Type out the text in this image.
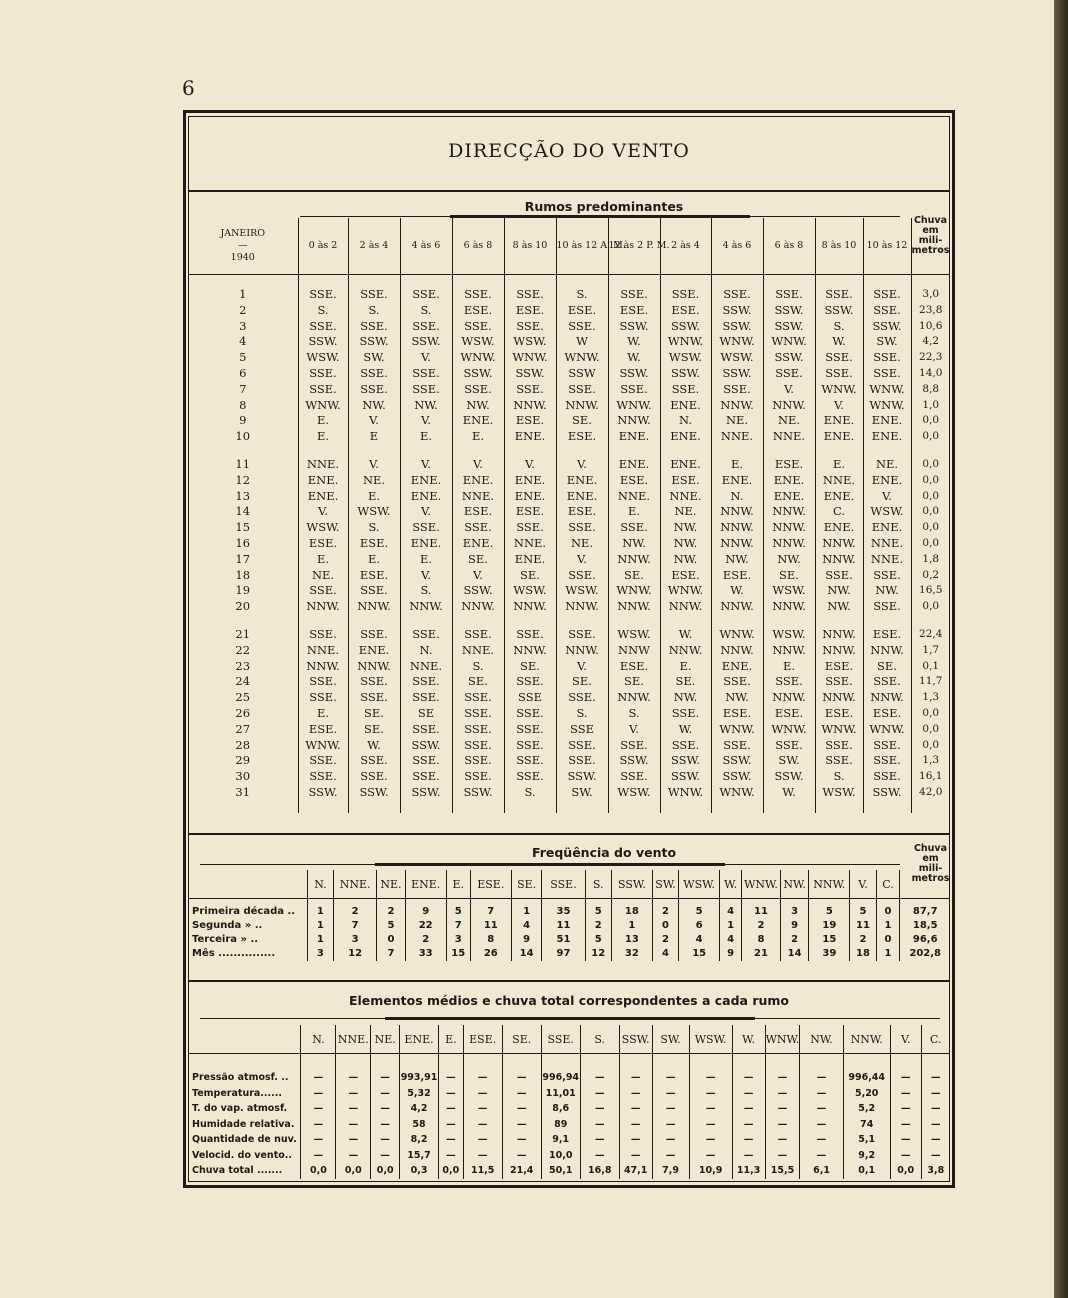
6
DIRECÇÃO DO VENTO
Rumos predominantes
Chuva
em
mili-
metros
JANEIRO
—
1940	0 às 2	2 às 4	4 às 6	6 às 8	8 às 10	10 às 12 A. M.	12 às 2 P. M.	2 às 4	4 às 6	6 às 8	8 às 10	10 às 12	

1	SSE.	SSE.	SSE.	SSE.	SSE.	S.	SSE.	SSE.	SSE.	SSE.	SSE.	SSE.	3,0
2	S.	S.	S.	ESE.	ESE.	ESE.	ESE.	ESE.	SSW.	SSW.	SSW.	SSE.	23,8
3	SSE.	SSE.	SSE.	SSE.	SSE.	SSE.	SSW.	SSW.	SSW.	SSW.	S.	SSW.	10,6
4	SSW.	SSW.	SSW.	WSW.	WSW.	W	W.	WNW.	WNW.	WNW.	W.	SW.	4,2
5	WSW.	SW.	V.	WNW.	WNW.	WNW.	W.	WSW.	WSW.	SSW.	SSE.	SSE.	22,3
6	SSE.	SSE.	SSE.	SSW.	SSW.	SSW	SSW.	SSW.	SSW.	SSE.	SSE.	SSE.	14,0
7	SSE.	SSE.	SSE.	SSE.	SSE.	SSE.	SSE.	SSE.	SSE.	V.	WNW.	WNW.	8,8
8	WNW.	NW.	NW.	NW.	NNW.	NNW.	WNW.	ENE.	NNW.	NNW.	V.	WNW.	1,0
9	E.	V.	V.	ENE.	ESE.	SE.	NNW.	N.	NE.	NE.	ENE.	ENE.	0,0
10	E.	E	E.	E.	ENE.	ESE.	ENE.	ENE.	NNE.	NNE.	ENE.	ENE.	0,0

11	NNE.	V.	V.	V.	V.	V.	ENE.	ENE.	E.	ESE.	E.	NE.	0,0
12	ENE.	NE.	ENE.	ENE.	ENE.	ENE.	ESE.	ESE.	ENE.	ENE.	NNE.	ENE.	0,0
13	ENE.	E.	ENE.	NNE.	ENE.	ENE.	NNE.	NNE.	N.	ENE.	ENE.	V.	0,0
14	V.	WSW.	V.	ESE.	ESE.	ESE.	E.	NE.	NNW.	NNW.	C.	WSW.	0,0
15	WSW.	S.	SSE.	SSE.	SSE.	SSE.	SSE.	NW.	NNW.	NNW.	ENE.	ENE.	0,0
16	ESE.	ESE.	ENE.	ENE.	NNE.	NE.	NW.	NW.	NNW.	NNW.	NNW.	NNE.	0,0
17	E.	E.	E.	SE.	ENE.	V.	NNW.	NW.	NW.	NW.	NNW.	NNE.	1,8
18	NE.	ESE.	V.	V.	SE.	SSE.	SE.	ESE.	ESE.	SE.	SSE.	SSE.	0,2
19	SSE.	SSE.	S.	SSW.	WSW.	WSW.	WNW.	WNW.	W.	WSW.	NW.	NW.	16,5
20	NNW.	NNW.	NNW.	NNW.	NNW.	NNW.	NNW.	NNW.	NNW.	NNW.	NW.	SSE.	0,0

21	SSE.	SSE.	SSE.	SSE.	SSE.	SSE.	WSW.	W.	WNW.	WSW.	NNW.	ESE.	22,4
22	NNE.	ENE.	N.	NNE.	NNW.	NNW.	NNW	NNW.	NNW.	NNW.	NNW.	NNW.	1,7
23	NNW.	NNW.	NNE.	S.	SE.	V.	ESE.	E.	ENE.	E.	ESE.	SE.	0,1
24	SSE.	SSE.	SSE.	SE.	SSE.	SE.	SE.	SE.	SSE.	SSE.	SSE.	SSE.	11,7
25	SSE.	SSE.	SSE.	SSE.	SSE	SSE.	NNW.	NW.	NW.	NNW.	NNW.	NNW.	1,3
26	E.	SE.	SE	SSE.	SSE.	S.	S.	SSE.	ESE.	ESE.	ESE.	ESE.	0,0
27	ESE.	SE.	SSE.	SSE.	SSE.	SSE	V.	W.	WNW.	WNW.	WNW.	WNW.	0,0
28	WNW.	W.	SSW.	SSE.	SSE.	SSE.	SSE.	SSE.	SSE.	SSE.	SSE.	SSE.	0,0
29	SSE.	SSE.	SSE.	SSE.	SSE.	SSE.	SSW.	SSW.	SSW.	SW.	SSE.	SSE.	1,3
30	SSE.	SSE.	SSE.	SSE.	SSE.	SSW.	SSE.	SSW.	SSW.	SSW.	S.	SSE.	16,1
31	SSW.	SSW.	SSW.	SSW.	S.	SW.	WSW.	WNW.	WNW.	W.	WSW.	SSW.	42,0

Freqüência do vento	Chuva
em
mili-
metros
	N.	NNE.	NE.	ENE.	E.	ESE.	SE.	SSE.	S.	SSW.	SW.	WSW.	W.	WNW.	NW.	NNW.	V.	C.	

Primeira década ..	1	2	2	9	5	7	1	35	5	18	2	5	4	11	3	5	5	0	87,7
Segunda » ..	1	7	5	22	7	11	4	11	2	1	0	6	1	2	9	19	11	1	18,5
Terceira » ..	1	3	0	2	3	8	9	51	5	13	2	4	4	8	2	15	2	0	96,6
Mês ...............	3	12	7	33	15	26	14	97	12	32	4	15	9	21	14	39	18	1	202,8
Elementos médios e chuva total correspondentes a cada rumo
	N.	NNE.	NE.	ENE.	E.	ESE.	SE.	SSE.	S.	SSW.	SW.	WSW.	W.	WNW.	NW.	NNW.	V.	C.

Pressão atmosf. ..	—	—	—	993,91	—	—	—	996,94	—	—	—	—	—	—	—	996,44	—	—
Temperatura......	—	—	—	5,32	—	—	—	11,01	—	—	—	—	—	—	—	5,20	—	—
T. do vap. atmosf.	—	—	—	4,2	—	—	—	8,6	—	—	—	—	—	—	—	5,2	—	—
Humidade relativa.	—	—	—	58	—	—	—	89	—	—	—	—	—	—	—	74	—	—
Quantidade de nuv.	—	—	—	8,2	—	—	—	9,1	—	—	—	—	—	—	—	5,1	—	—
Velocid. do vento..	—	—	—	15,7	—	—	—	10,0	—	—	—	—	—	—	—	9,2	—	—
Chuva total .......	0,0	0,0	0,0	0,3	0,0	11,5	21,4	50,1	16,8	47,1	7,9	10,9	11,3	15,5	6,1	0,1	0,0	3,8
